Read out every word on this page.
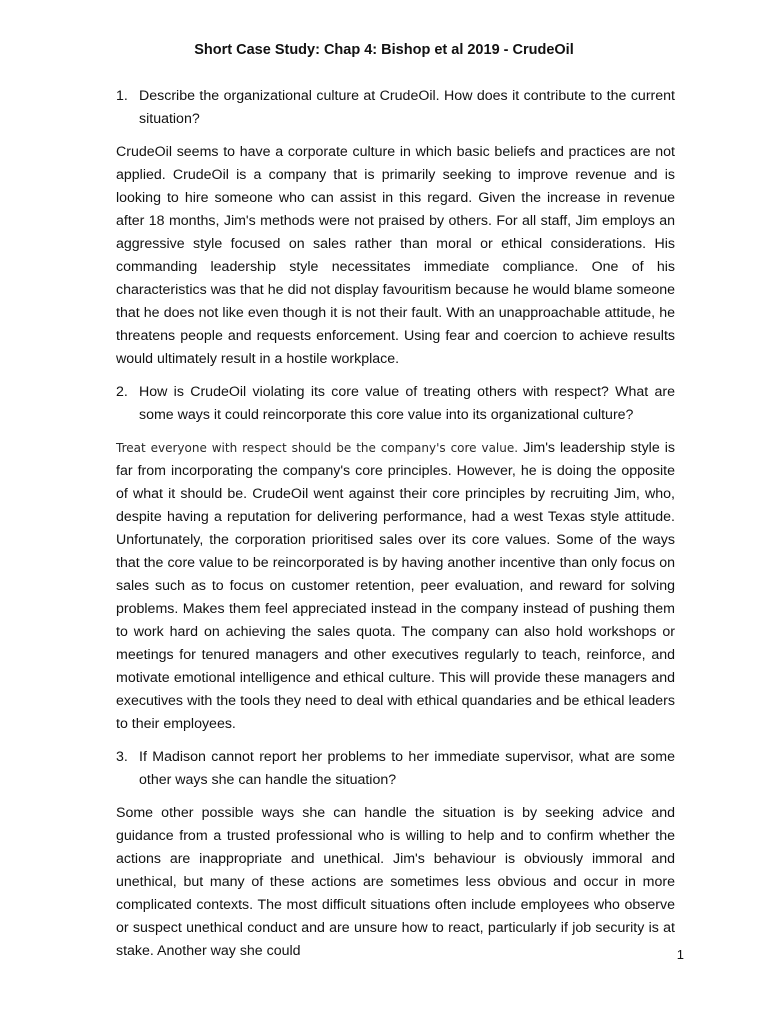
Short Case Study: Chap 4: Bishop et al 2019 - CrudeOil
1. Describe the organizational culture at CrudeOil. How does it contribute to the current situation?

CrudeOil seems to have a corporate culture in which basic beliefs and practices are not applied. CrudeOil is a company that is primarily seeking to improve revenue and is looking to hire someone who can assist in this regard. Given the increase in revenue after 18 months, Jim's methods were not praised by others. For all staff, Jim employs an aggressive style focused on sales rather than moral or ethical considerations. His commanding leadership style necessitates immediate compliance. One of his characteristics was that he did not display favouritism because he would blame someone that he does not like even though it is not their fault. With an unapproachable attitude, he threatens people and requests enforcement. Using fear and coercion to achieve results would ultimately result in a hostile workplace.

2. How is CrudeOil violating its core value of treating others with respect? What are some ways it could reincorporate this core value into its organizational culture?

Treat everyone with respect should be the company's core value. Jim's leadership style is far from incorporating the company's core principles. However, he is doing the opposite of what it should be. CrudeOil went against their core principles by recruiting Jim, who, despite having a reputation for delivering performance, had a west Texas style attitude. Unfortunately, the corporation prioritised sales over its core values. Some of the ways that the core value to be reincorporated is by having another incentive than only focus on sales such as to focus on customer retention, peer evaluation, and reward for solving problems. Makes them feel appreciated instead in the company instead of pushing them to work hard on achieving the sales quota. The company can also hold workshops or meetings for tenured managers and other executives regularly to teach, reinforce, and motivate emotional intelligence and ethical culture. This will provide these managers and executives with the tools they need to deal with ethical quandaries and be ethical leaders to their employees.

3. If Madison cannot report her problems to her immediate supervisor, what are some other ways she can handle the situation?

Some other possible ways she can handle the situation is by seeking advice and guidance from a trusted professional who is willing to help and to confirm whether the actions are inappropriate and unethical. Jim's behaviour is obviously immoral and unethical, but many of these actions are sometimes less obvious and occur in more complicated contexts. The most difficult situations often include employees who observe or suspect unethical conduct and are unsure how to react, particularly if job security is at stake. Another way she could	1
